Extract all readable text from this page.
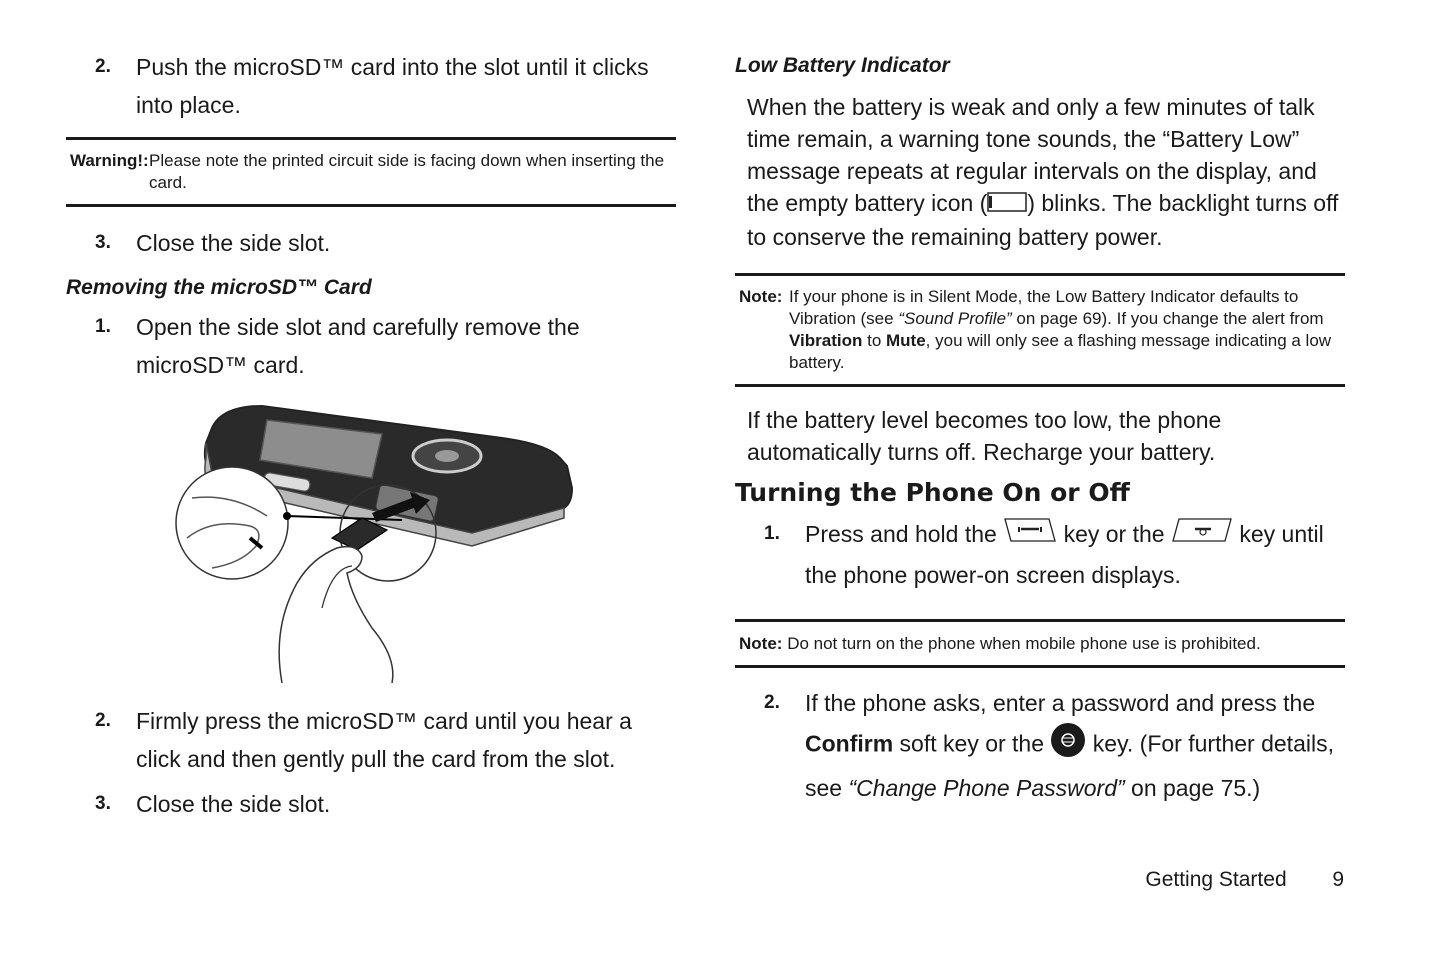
2. Push the microSD™ card into the slot until it clicks into place.

Warning!: Please note the printed circuit side is facing down when inserting the card.

3. Close the side slot.

Removing the microSD™ Card

1. Open the side slot and carefully remove the microSD™ card.

2. Firmly press the microSD™ card until you hear a click and then gently pull the card from the slot.

3. Close the side slot.

Low Battery Indicator

When the battery is weak and only a few minutes of talk time remain, a warning tone sounds, the “Battery Low” message repeats at regular intervals on the display, and the empty battery icon ( ) blinks. The backlight turns off to conserve the remaining battery power.

Note: If your phone is in Silent Mode, the Low Battery Indicator defaults to Vibration (see “Sound Profile” on page 69). If you change the alert from Vibration to Mute, you will only see a flashing message indicating a low battery.

If the battery level becomes too low, the phone automatically turns off. Recharge your battery.

Turning the Phone On or Off

1. Press and hold the  key or the	key until the phone power-on screen displays.

Note: Do not turn on the phone when mobile phone use is prohibited.

2. If the phone asks, enter a password and press the Confirm soft key or the  key. (For further details, see “Change Phone Password” on page 75.)

Getting Started 9
